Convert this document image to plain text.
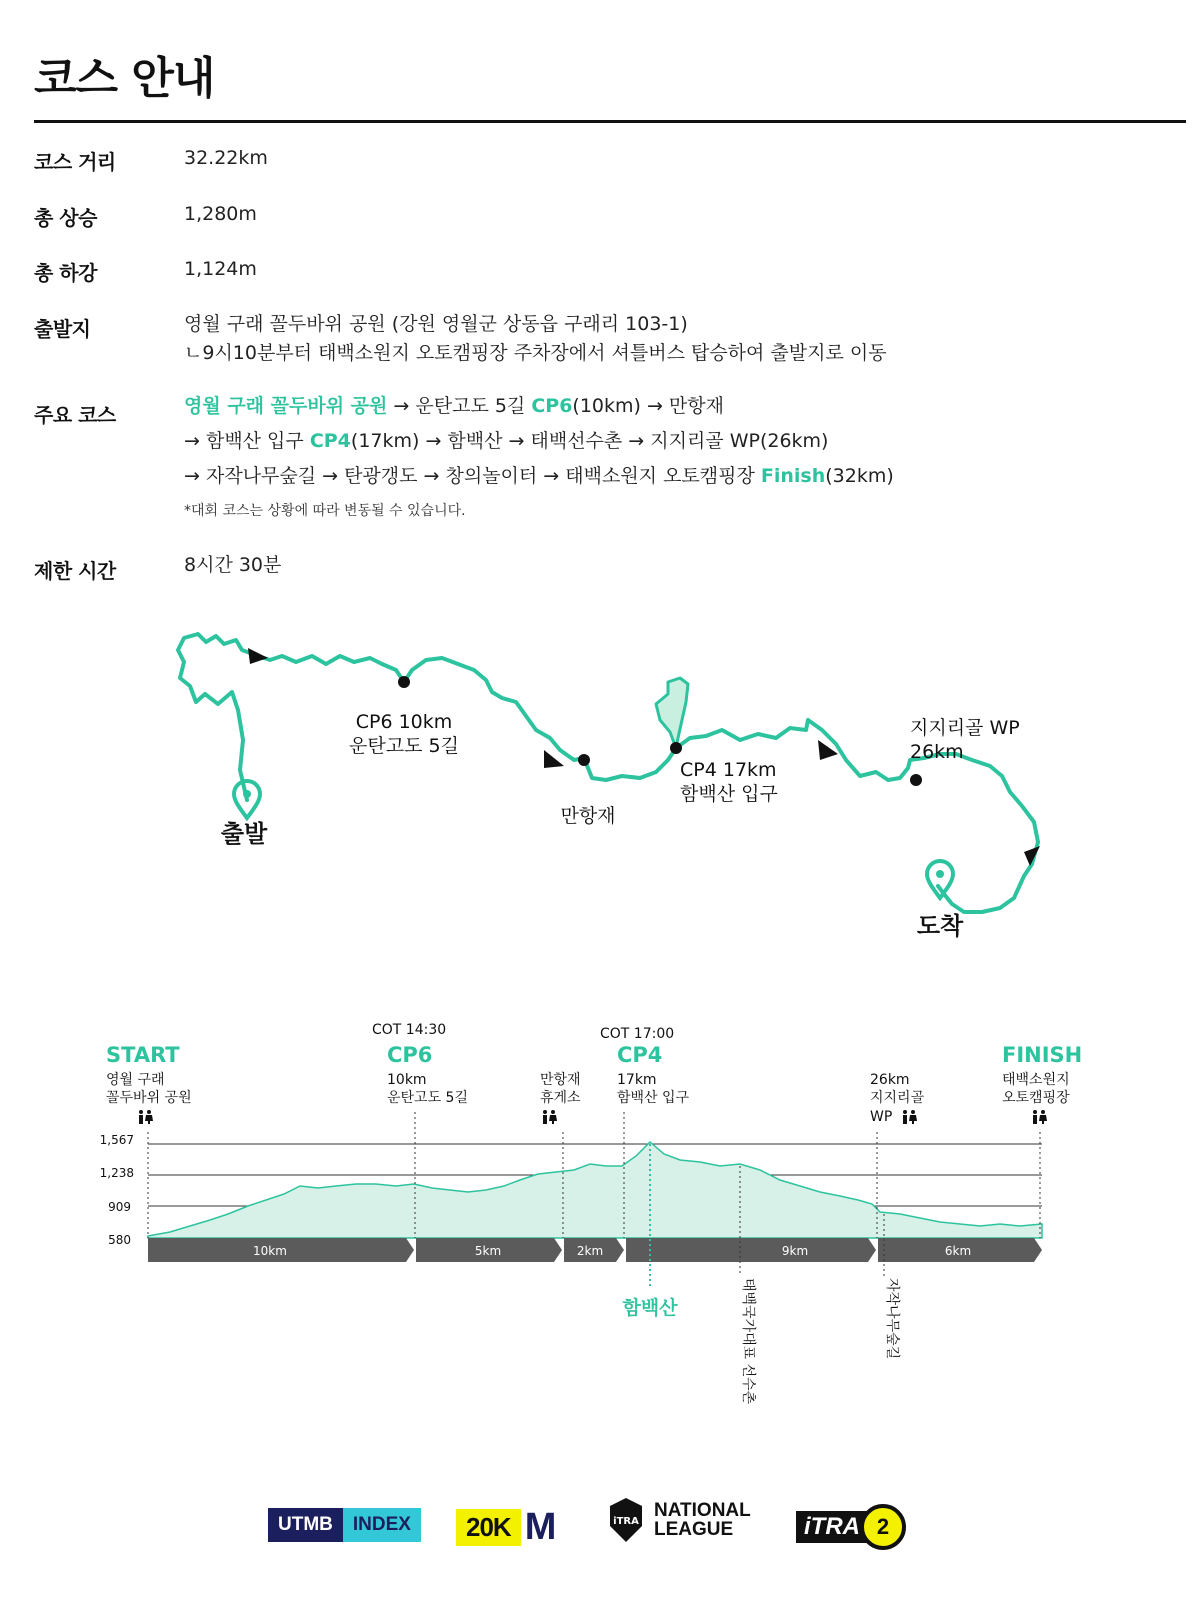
코스 안내
코스 거리	32.22km
총 상승	1,280m
총 하강	1,124m
출발지	영월 구래 꼴두바위 공원 (강원 영월군 상동읍 구래리 103-1)
ㄴ9시10분부터 태백소원지 오토캠핑장 주차장에서 셔틀버스 탑승하여 출발지로 이동
주요 코스	영월 구래 꼴두바위 공원 → 운탄고도 5길 CP6(10km) → 만항재
→ 함백산 입구 CP4(17km) → 함백산 → 태백선수촌 → 지지리골 WP(26km)
→ 자작나무숲길 → 탄광갱도 → 창의놀이터 → 태백소원지 오토캠핑장 Finish(32km)
*대회 코스는 상황에 따라 변동될 수 있습니다.
제한 시간	8시간 30분
출발
도착
CP6 10km
운탄고도 5길
만항재
CP4 17km
함백산 입구
지지리골 WP
26km
1,567
1,238
909
580
10km	5km	2km	9km	6km
START
영월 구래
꼴두바위 공원
COT 14:30
CP6
10km
운탄고도 5길
만항재
휴게소
COT 17:00
CP4
17km
함백산 입구
26km
지지리골
WP
FINISH
태백소원지
오토캠핑장
함백산	태백국가대표 선수촌	자작나무숲길
UTMB	INDEX	20K M	iTRA
NATIONAL
LEAGUE	iTRA 2
